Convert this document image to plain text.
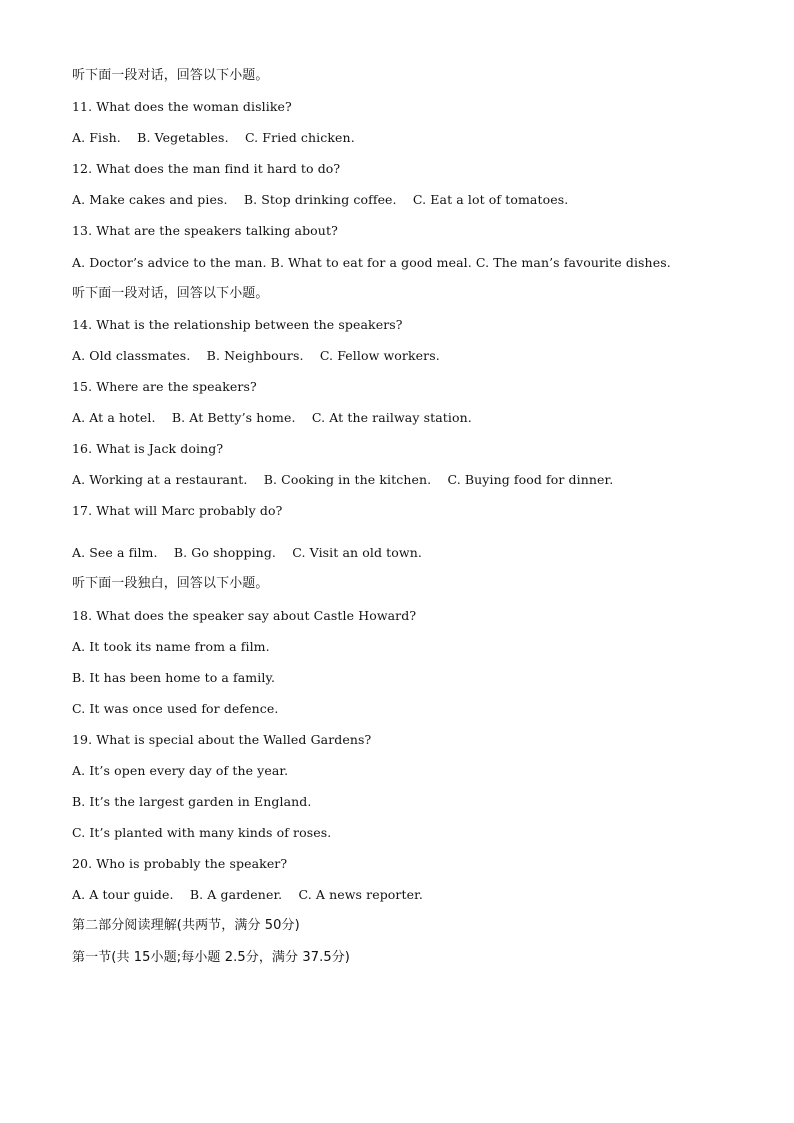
听下面一段对话，回答以下小题。
11. What does the woman dislike?
A. Fish.    B. Vegetables.    C. Fried chicken.
12. What does the man find it hard to do?
A. Make cakes and pies.    B. Stop drinking coffee.    C. Eat a lot of tomatoes.
13. What are the speakers talking about?
A. Doctor’s advice to the man. B. What to eat for a good meal. C. The man’s favourite dishes.
听下面一段对话，回答以下小题。
14. What is the relationship between the speakers?
A. Old classmates.    B. Neighbours.    C. Fellow workers.
15. Where are the speakers?
A. At a hotel.    B. At Betty’s home.    C. At the railway station.
16. What is Jack doing?
A. Working at a restaurant.    B. Cooking in the kitchen.    C. Buying food for dinner.
17. What will Marc probably do?
A. See a film.    B. Go shopping.    C. Visit an old town.
听下面一段独白，回答以下小题。
18. What does the speaker say about Castle Howard?
A. It took its name from a film.
B. It has been home to a family.
C. It was once used for defence.
19. What is special about the Walled Gardens?
A. It’s open every day of the year.
B. It’s the largest garden in England.
C. It’s planted with many kinds of roses.
20. Who is probably the speaker?
A. A tour guide.    B. A gardener.    C. A news reporter.
第二部分阅读理解(共两节，满分 50分)
第一节(共 15小题;每小题 2.5分，满分 37.5分)
